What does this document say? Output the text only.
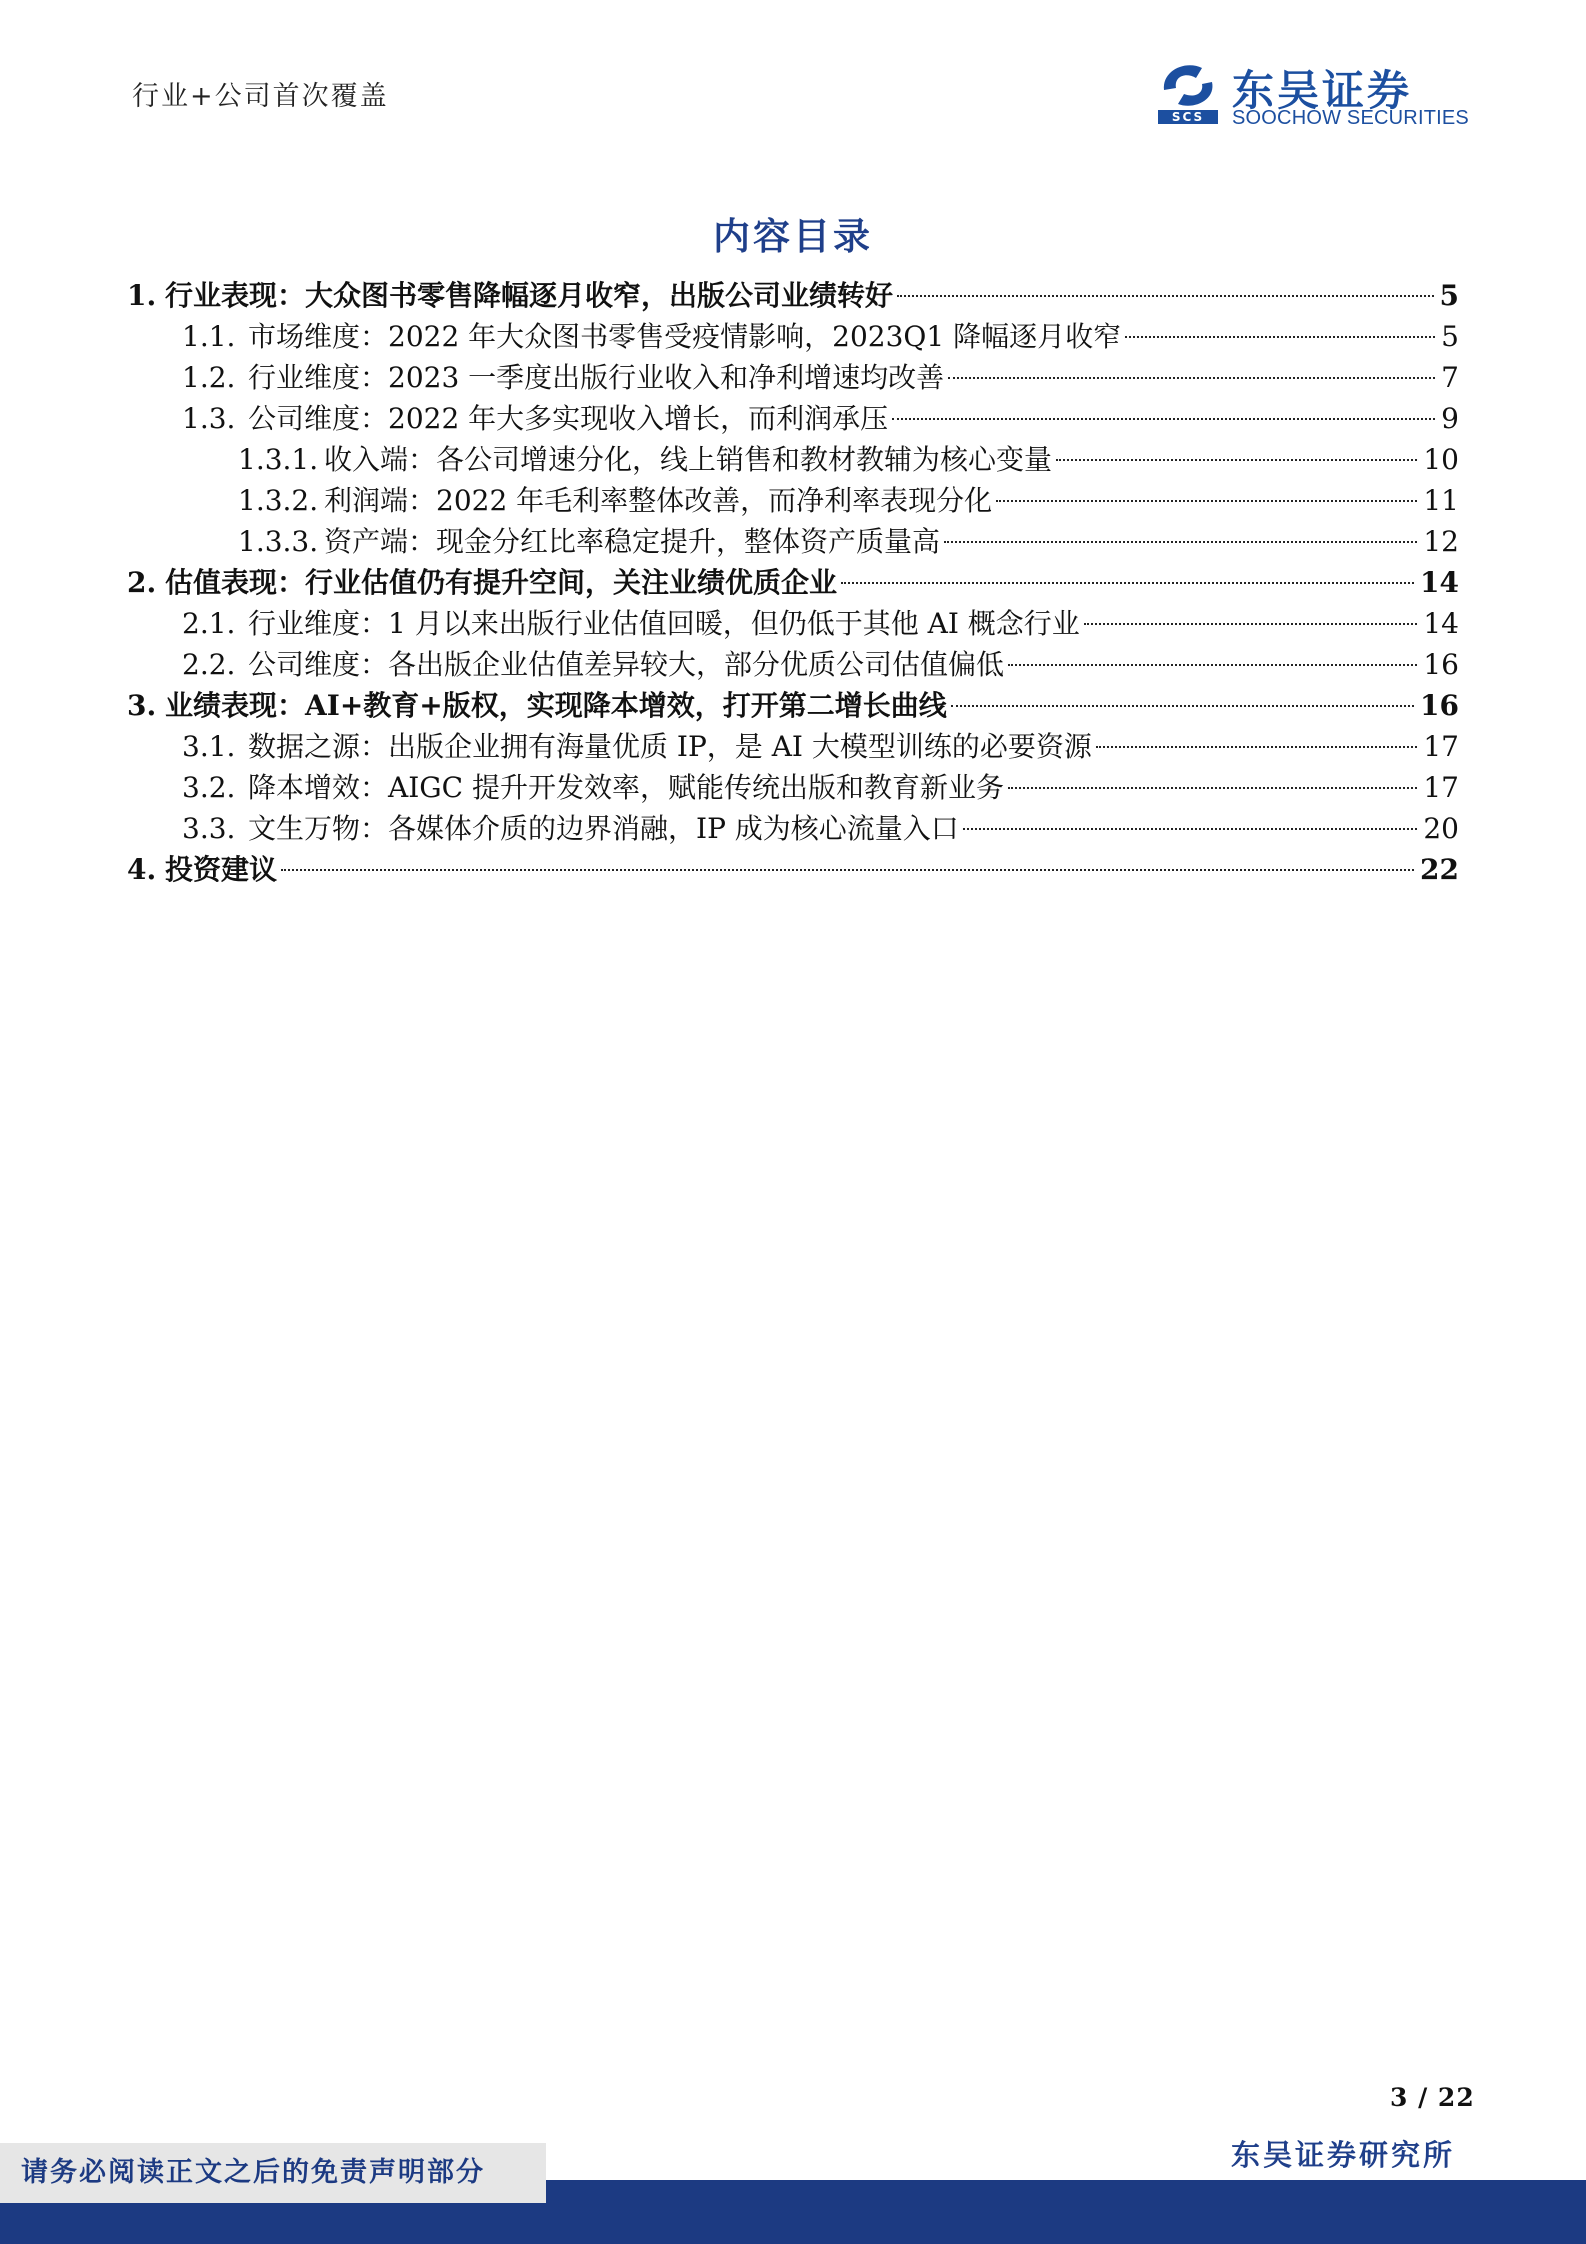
行业+公司首次覆盖
SCS
东吴证券
SOOCHOW SECURITIES
内容目录
1. 行业表现：大众图书零售降幅逐月收窄，出版公司业绩转好	5
1.1. 市场维度：2022 年大众图书零售受疫情影响，2023Q1 降幅逐月收窄	5
1.2. 行业维度：2023 一季度出版行业收入和净利增速均改善	7
1.3. 公司维度：2022 年大多实现收入增长，而利润承压	9
1.3.1. 收入端：各公司增速分化，线上销售和教材教辅为核心变量	10
1.3.2. 利润端：2022 年毛利率整体改善，而净利率表现分化	11
1.3.3. 资产端：现金分红比率稳定提升，整体资产质量高	12
2. 估值表现：行业估值仍有提升空间，关注业绩优质企业	14
2.1. 行业维度：1 月以来出版行业估值回暖，但仍低于其他 AI 概念行业	14
2.2. 公司维度：各出版企业估值差异较大，部分优质公司估值偏低	16
3. 业绩表现：AI+教育+版权，实现降本增效，打开第二增长曲线	16
3.1. 数据之源：出版企业拥有海量优质 IP，是 AI 大模型训练的必要资源	17
3.2. 降本增效：AIGC 提升开发效率，赋能传统出版和教育新业务	17
3.3. 文生万物：各媒体介质的边界消融，IP 成为核心流量入口	20
4. 投资建议	22
3 / 22
东吴证券研究所
请务必阅读正文之后的免责声明部分
